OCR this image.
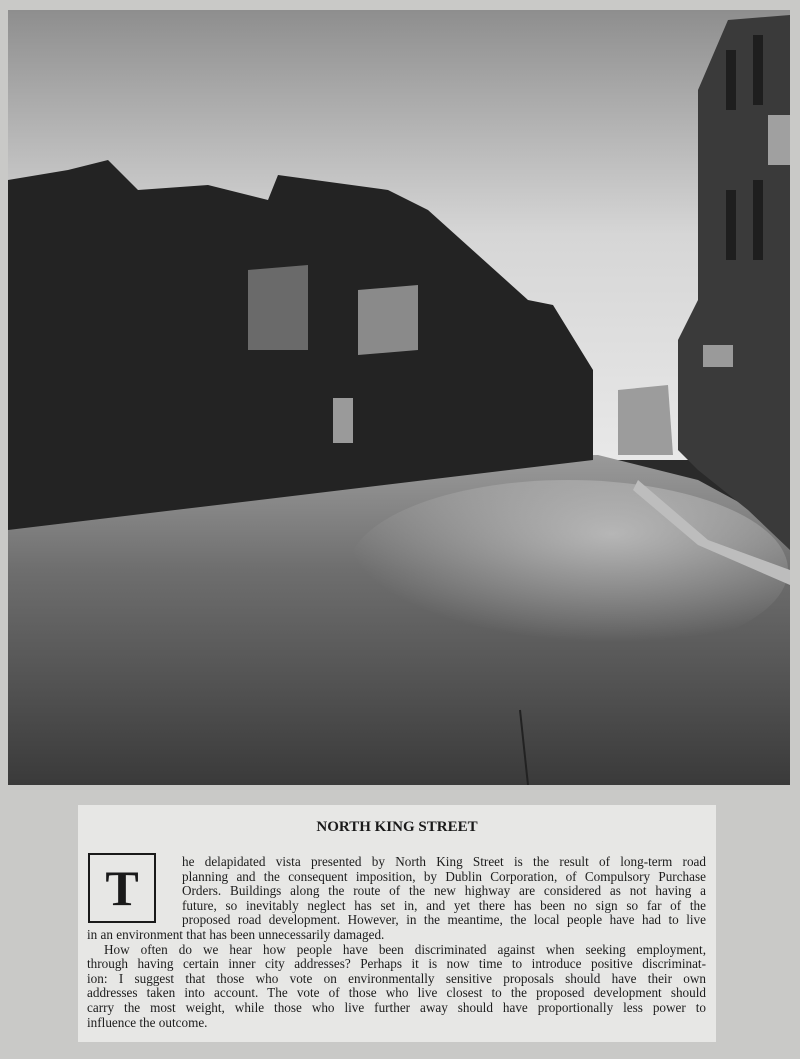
NORTH KING STREET
T	he delapidated vista presented by North King Street is the result of long-term road
planning and the consequent imposition, by Dublin Corporation, of Compulsory Purchase
Orders. Buildings along the route of the new highway are considered as not having a
future, so inevitably neglect has set in, and yet there has been no sign so far of the
proposed road development. However, in the meantime, the local people have had to live
in an environment that has been unnecessarily damaged.
How often do we hear how people have been discriminated against when seeking employment,
through having certain inner city addresses? Perhaps it is now time to introduce positive discriminat-
ion: I suggest that those who vote on environmentally sensitive proposals should have their own
addresses taken into account. The vote of those who live closest to the proposed development should
carry the most weight, while those who live further away should have proportionally less power to
influence the outcome.
